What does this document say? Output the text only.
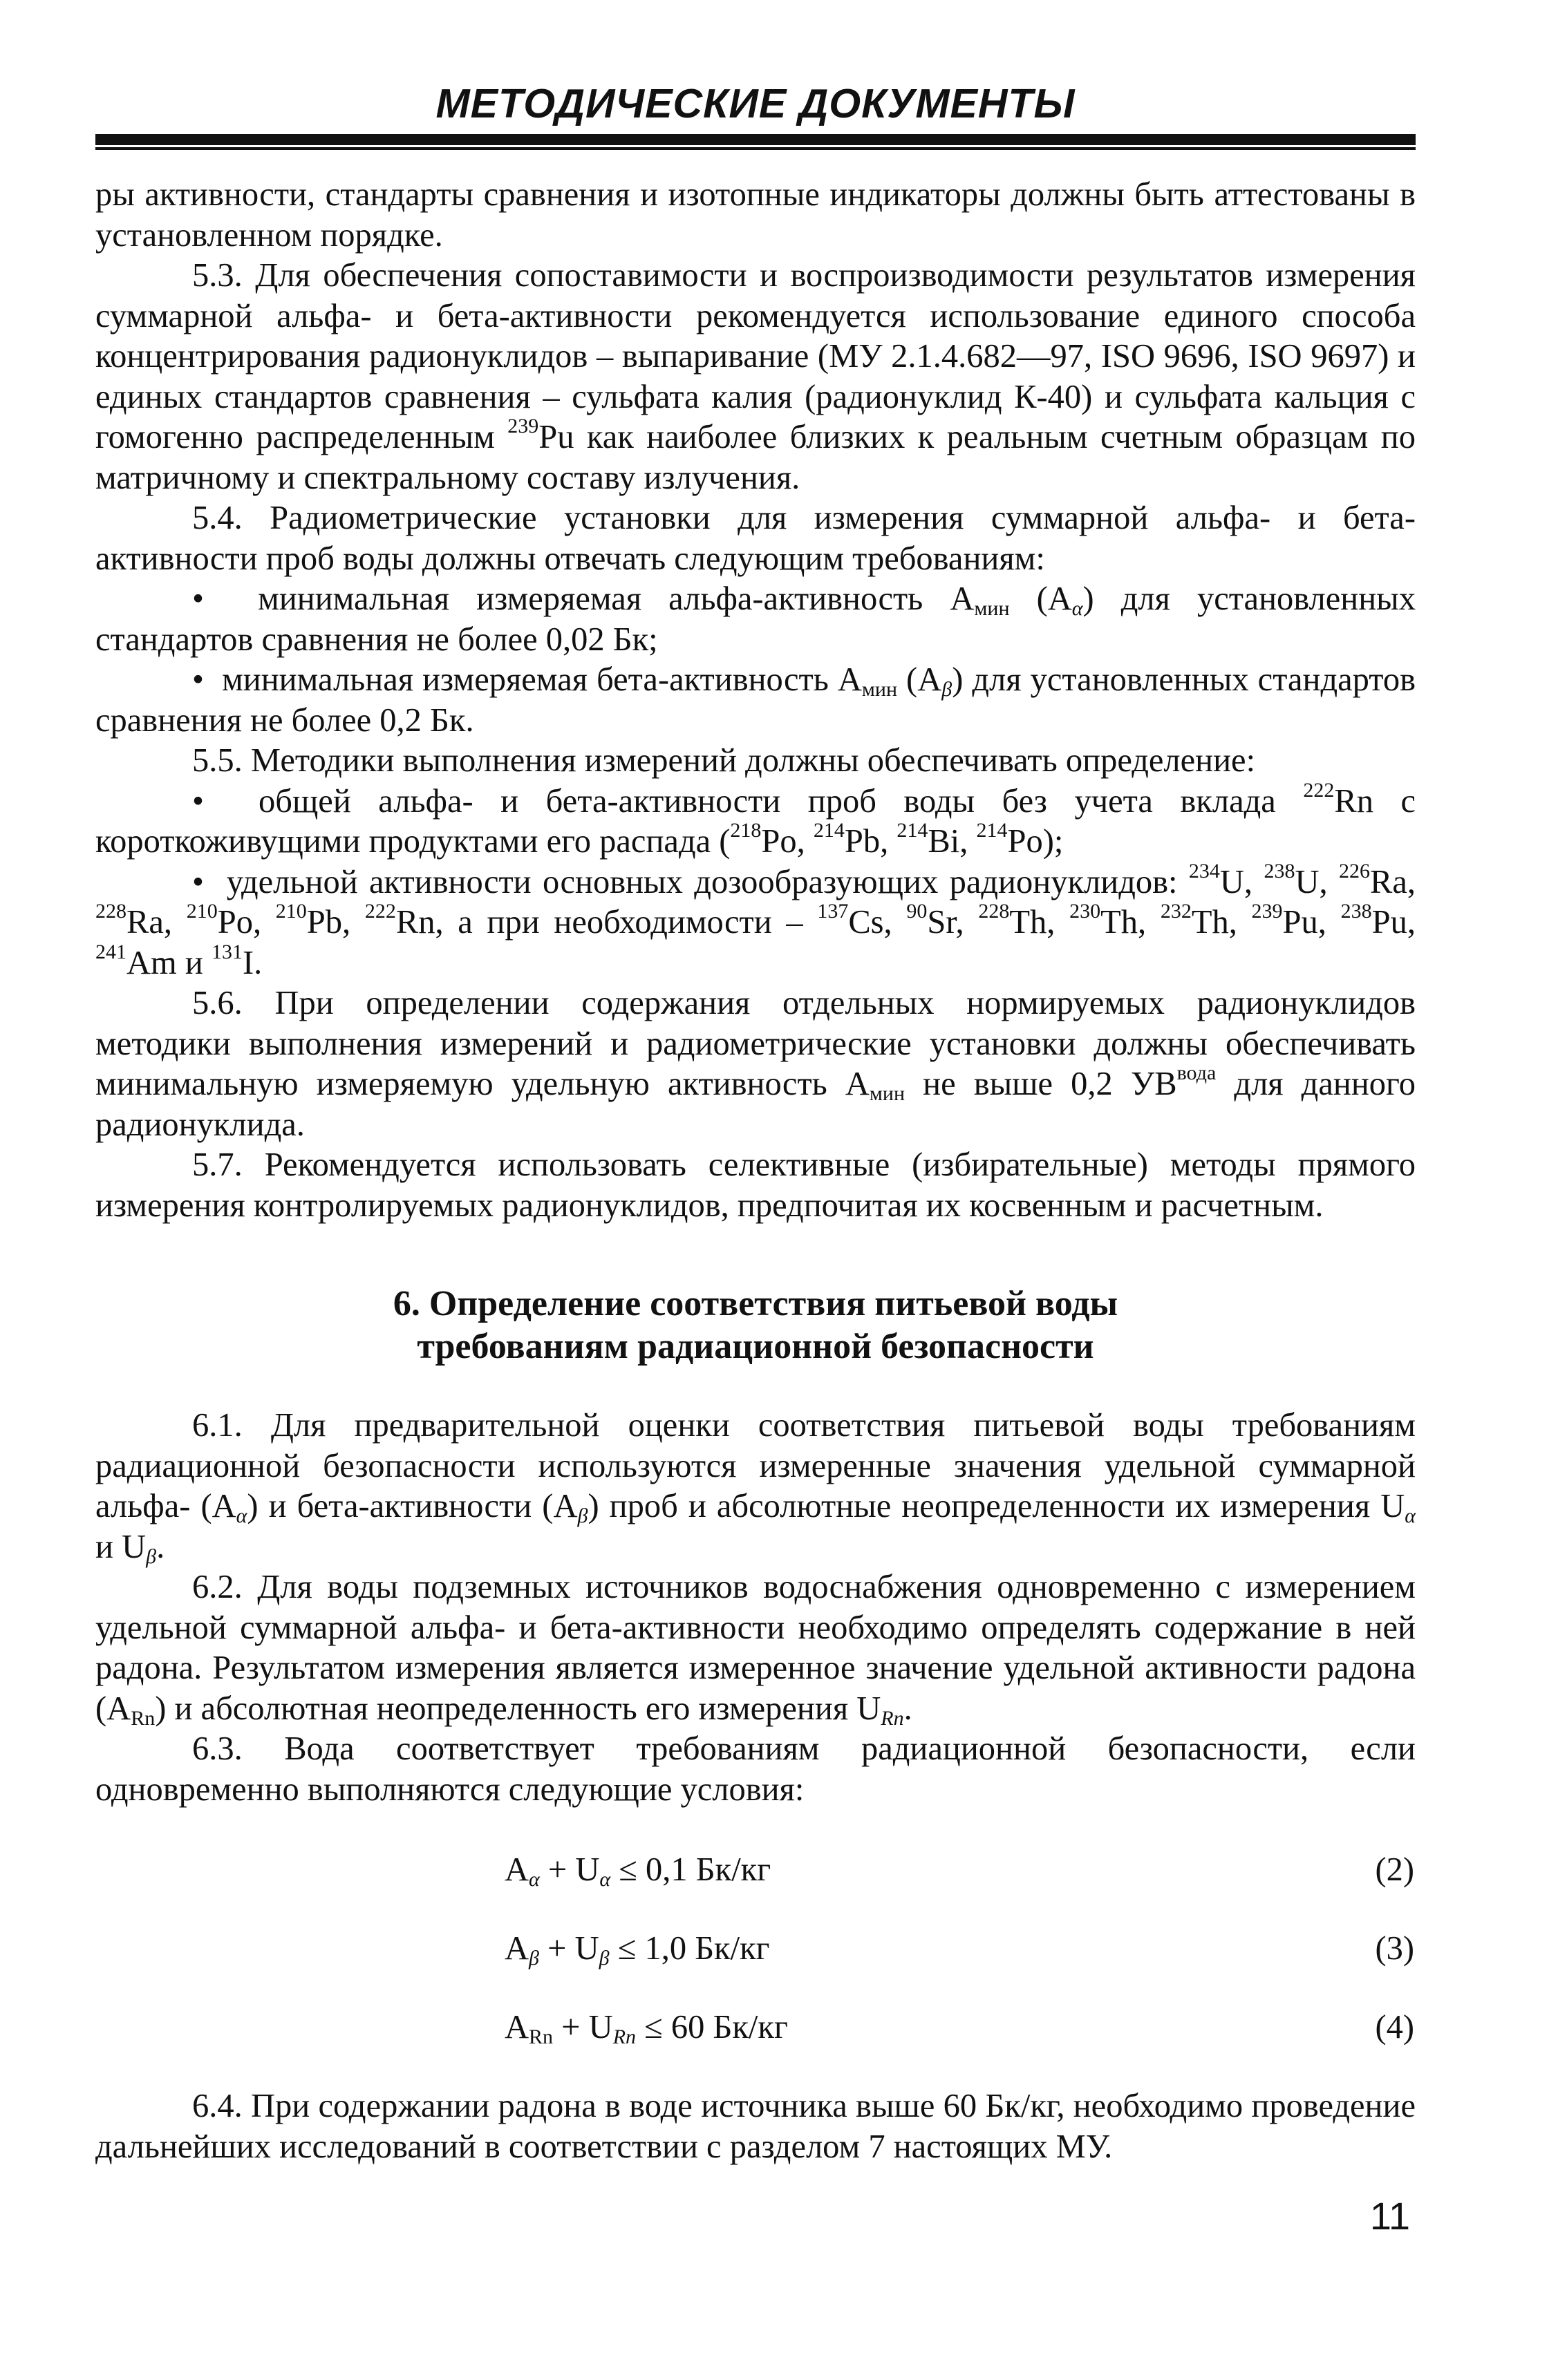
МЕТОДИЧЕСКИЕ ДОКУМЕНТЫ

ры активности, стандарты сравнения и изотопные индикаторы должны быть аттестованы в установленном порядке.

5.3. Для обеспечения сопоставимости и воспроизводимости результатов измерения суммарной альфа- и бета-активности рекомендуется использование единого способа концентрирования радионуклидов – выпаривание (МУ 2.1.4.682—97, ISO 9696, ISO 9697) и единых стандартов сравнения – сульфата калия (радионуклид К-40) и сульфата кальция с гомогенно распределенным $^{239}$Pu как наиболее близких к реальным счетным образцам по матричному и спектральному составу излучения.

5.4. Радиометрические установки для измерения суммарной альфа- и бета-активности проб воды должны отвечать следующим требованиям:

•  минимальная измеряемая альфа-активность $А_{мин}$ $(А_\alpha)$ для установленных стандартов сравнения не более 0,02 Бк;

•  минимальная измеряемая бета-активность $А_{мин}$ $(А_\beta)$ для установленных стандартов сравнения не более 0,2 Бк.

5.5. Методики выполнения измерений должны обеспечивать определение:

•  общей альфа- и бета-активности проб воды без учета вклада $^{222}$Rn с короткоживущими продуктами его распада ($^{218}$Po, $^{214}$Pb, $^{214}$Bi, $^{214}$Po);

•  удельной активности основных дозообразующих радионуклидов: $^{234}$U, $^{238}$U, $^{226}$Ra, $^{228}$Ra, $^{210}$Po, $^{210}$Pb, $^{222}$Rn, а при необходимости – $^{137}$Cs, $^{90}$Sr, $^{228}$Th, $^{230}$Th, $^{232}$Th, $^{239}$Pu, $^{238}$Pu, $^{241}$Am и $^{131}$I.

5.6. При определении содержания отдельных нормируемых радионуклидов методики выполнения измерений и радиометрические установки должны обеспечивать минимальную измеряемую удельную активность $А_{мин}$ не выше 0,2 $УВ^{вода}$ для данного радионуклида.

5.7. Рекомендуется использовать селективные (избирательные) методы прямого измерения контролируемых радионуклидов, предпочитая их косвенным и расчетным.

6. Определение соответствия питьевой воды
требованиям радиационной безопасности

6.1. Для предварительной оценки соответствия питьевой воды требованиям радиационной безопасности используются измеренные значения удельной суммарной альфа- $(А_\alpha)$ и бета-активности $(А_\beta)$ проб и абсолютные неопределенности их измерения $U_\alpha$ и $U_\beta$.

6.2. Для воды подземных источников водоснабжения одновременно с измерением удельной суммарной альфа- и бета-активности необходимо определять содержание в ней радона. Результатом измерения является измеренное значение удельной активности радона $(А_{Rn})$ и абсолютная неопределенность его измерения $U_{Rn}$.

6.3. Вода соответствует требованиям радиационной безопасности, если одновременно выполняются следующие условия:

$А_\alpha + U_\alpha \le 0,1$ Бк/кг	(2)
$А_\beta + U_\beta \le 1,0$ Бк/кг	(3)
$А_{Rn} + U_{Rn} \le 60$ Бк/кг	(4)

6.4. При содержании радона в воде источника выше 60 Бк/кг, необходимо проведение дальнейших исследований в соответствии с разделом 7 настоящих МУ.

11
